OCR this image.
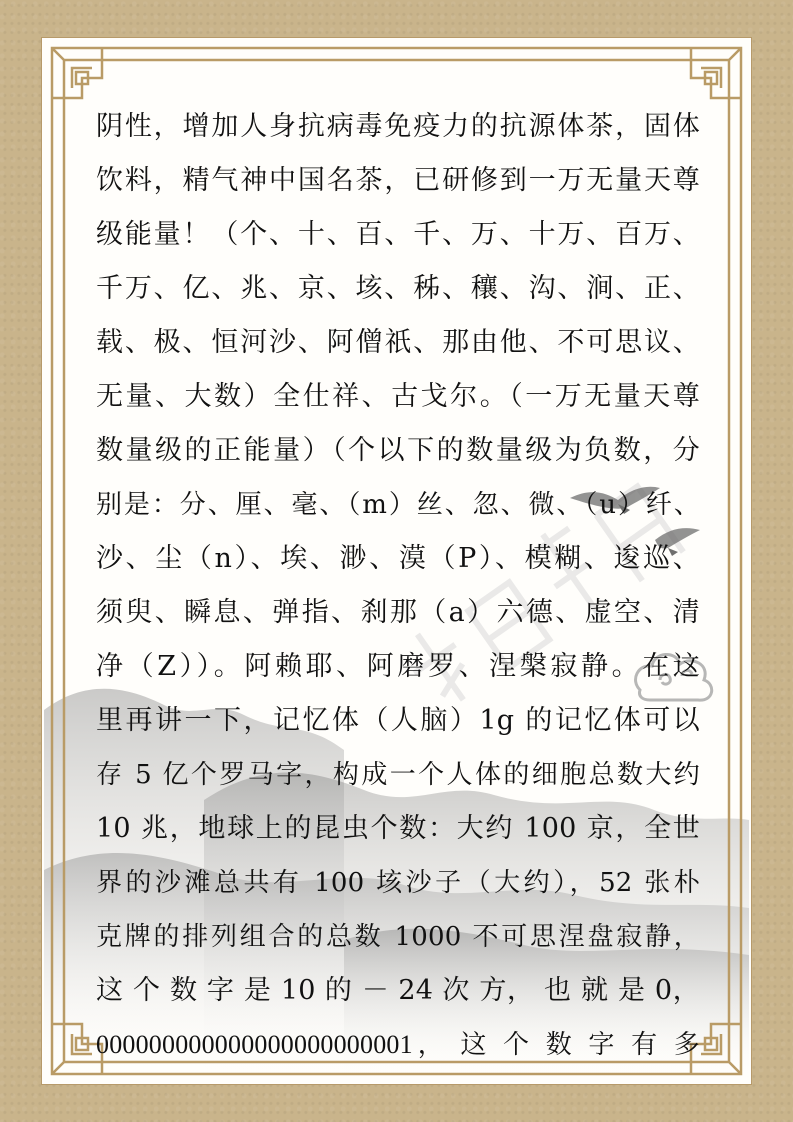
阴性，增加人身抗病毒免疫力的抗源体茶，固体
饮料，精气神中国名茶，已研修到一万无量天尊
级能量！（个、十、百、千、万、十万、百万、
千万、亿、兆、京、垓、秭、穰、沟、涧、正、
载、极、恒河沙、阿僧祇、那由他、不可思议、
无量、大数）全仕祥、古戈尔。（一万无量天尊
数量级的正能量）（个以下的数量级为负数，分
别是：分、厘、毫、（m）丝、忽、微、（u）纤、
沙、尘（n）、埃、渺、漠（P）、模糊、逡巡、
须臾、瞬息、弹指、刹那（a）六德、虚空、清
净（Z））。阿赖耶、阿磨罗、涅槃寂静。在这
里再讲一下，记忆体（人脑）1g 的记忆体可以
存 5 亿个罗马字，构成一个人体的细胞总数大约
10 兆，地球上的昆虫个数：大约 100 京，全世
界的沙滩总共有 100 垓沙子（大约），52 张朴
克牌的排列组合的总数 1000 不可思涅盘寂静，
这 个 数 字 是 10 的 － 24 次 方， 也 就 是 0，
000000000000000000000001， 这 个 数 字 有 多
